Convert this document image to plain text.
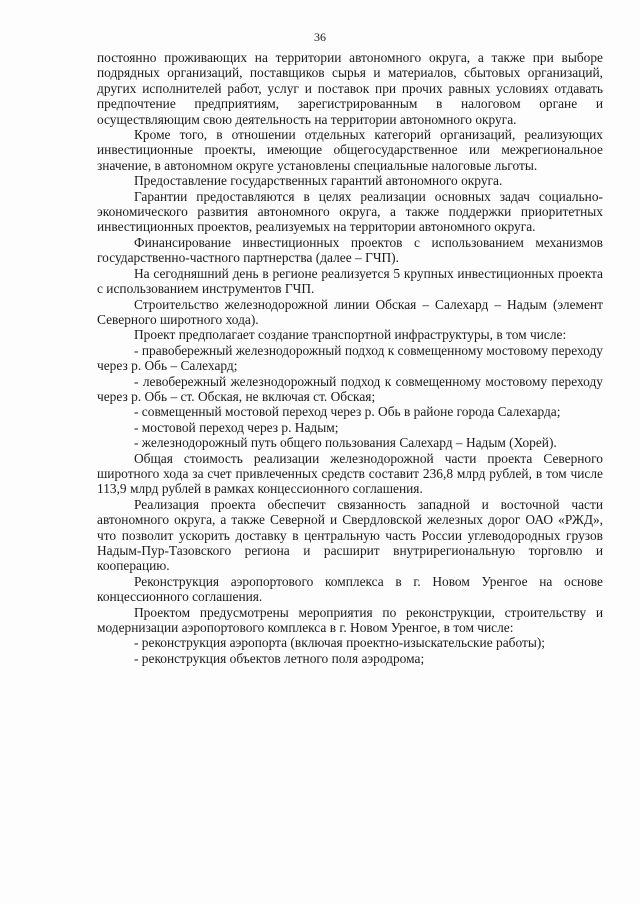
36

постоянно проживающих на территории автономного округа, а также при выборе подрядных организаций, поставщиков сырья и материалов, сбытовых организаций, других исполнителей работ, услуг и поставок при прочих равных условиях отдавать предпочтение предприятиям, зарегистрированным в налоговом органе и осуществляющим свою деятельность на территории автономного округа.

Кроме того, в отношении отдельных категорий организаций, реализующих инвестиционные проекты, имеющие общегосударственное или межрегиональное значение, в автономном округе установлены специальные налоговые льготы.

Предоставление государственных гарантий автономного округа.

Гарантии предоставляются в целях реализации основных задач социально-экономического развития автономного округа, а также поддержки приоритетных инвестиционных проектов, реализуемых на территории автономного округа.

Финансирование инвестиционных проектов с использованием механизмов государственно-частного партнерства (далее – ГЧП).

На сегодняшний день в регионе реализуется 5 крупных инвестиционных проекта с использованием инструментов ГЧП.

Строительство железнодорожной линии Обская – Салехард – Надым (элемент Северного широтного хода).

Проект предполагает создание транспортной инфраструктуры, в том числе:

- правобережный железнодорожный подход к совмещенному мостовому переходу через р. Обь – Салехард;

- левобережный железнодорожный подход к совмещенному мостовому переходу через р. Обь – ст. Обская, не включая ст. Обская;

- совмещенный мостовой переход через р. Обь в районе города Салехарда;

- мостовой переход через р. Надым;

- железнодорожный путь общего пользования Салехард – Надым (Хорей).

Общая стоимость реализации железнодорожной части проекта Северного широтного хода за счет привлеченных средств составит 236,8 млрд рублей, в том числе 113,9 млрд рублей в рамках концессионного соглашения.

Реализация проекта обеспечит связанность западной и восточной части автономного округа, а также Северной и Свердловской железных дорог ОАО «РЖД», что позволит ускорить доставку в центральную часть России углеводородных грузов Надым-Пур-Тазовского региона и расширит внутрирегиональную торговлю и кооперацию.

Реконструкция аэропортового комплекса в г. Новом Уренгое на основе концессионного соглашения.

Проектом предусмотрены мероприятия по реконструкции, строительству и модернизации аэропортового комплекса в г. Новом Уренгое, в том числе:

- реконструкция аэропорта (включая проектно-изыскательские работы);

- реконструкция объектов летного поля аэродрома;
